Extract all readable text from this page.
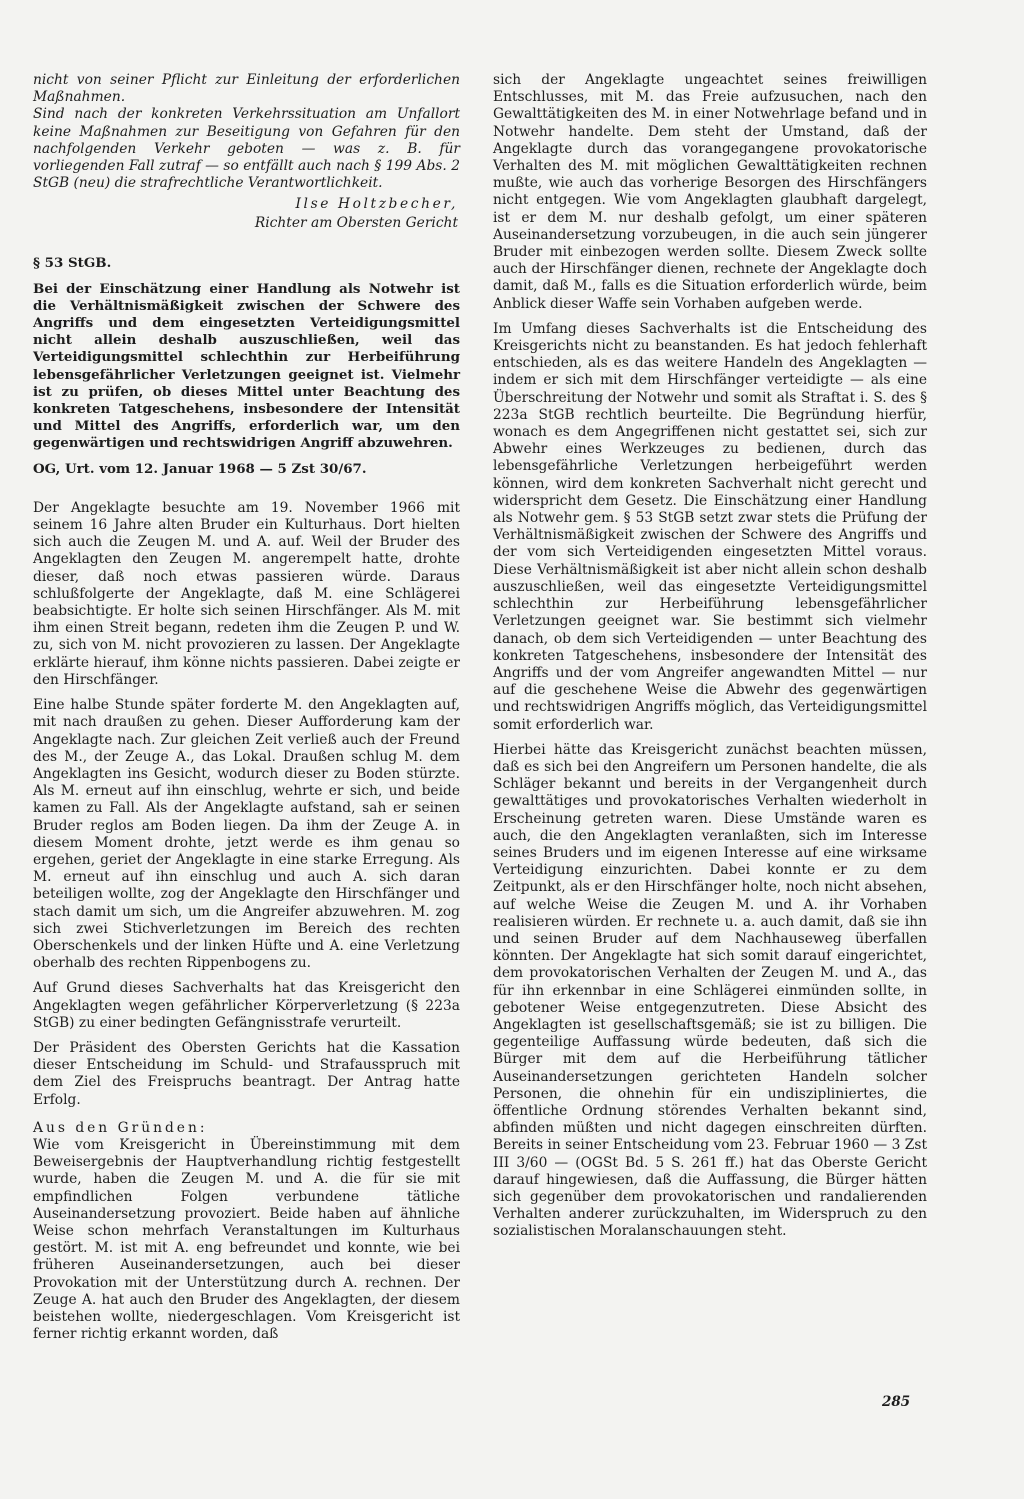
nicht von seiner Pflicht zur Einleitung der erforderlichen Maßnahmen.

Sind nach der konkreten Verkehrssituation am Unfallort keine Maßnahmen zur Beseitigung von Gefahren für den nachfolgenden Verkehr geboten — was z. B. für vorliegenden Fall zutraf — so entfällt auch nach § 199 Abs. 2 StGB (neu) die strafrechtliche Verantwortlichkeit.

Ilse Holtzbecher,
Richter am Obersten Gericht

§ 53 StGB.

Bei der Einschätzung einer Handlung als Notwehr ist die Verhältnismäßigkeit zwischen der Schwere des Angriffs und dem eingesetzten Verteidigungsmittel nicht allein deshalb auszuschließen, weil das Verteidigungsmittel schlechthin zur Herbeiführung lebensgefährlicher Verletzungen geeignet ist. Vielmehr ist zu prüfen, ob dieses Mittel unter Beachtung des konkreten Tatgeschehens, insbesondere der Intensität und Mittel des Angriffs, erforderlich war, um den gegenwärtigen und rechtswidrigen Angriff abzuwehren.

OG, Urt. vom 12. Januar 1968 — 5 Zst 30/67.

Der Angeklagte besuchte am 19. November 1966 mit seinem 16 Jahre alten Bruder ein Kulturhaus. Dort hielten sich auch die Zeugen M. und A. auf. Weil der Bruder des Angeklagten den Zeugen M. angerempelt hatte, drohte dieser, daß noch etwas passieren würde. Daraus schlußfolgerte der Angeklagte, daß M. eine Schlägerei beabsichtigte. Er holte sich seinen Hirschfänger. Als M. mit ihm einen Streit begann, redeten ihm die Zeugen P. und W. zu, sich von M. nicht provozieren zu lassen. Der Angeklagte erklärte hierauf, ihm könne nichts passieren. Dabei zeigte er den Hirschfänger.

Eine halbe Stunde später forderte M. den Angeklagten auf, mit nach draußen zu gehen. Dieser Aufforderung kam der Angeklagte nach. Zur gleichen Zeit verließ auch der Freund des M., der Zeuge A., das Lokal. Draußen schlug M. dem Angeklagten ins Gesicht, wodurch dieser zu Boden stürzte. Als M. erneut auf ihn einschlug, wehrte er sich, und beide kamen zu Fall. Als der Angeklagte aufstand, sah er seinen Bruder reglos am Boden liegen. Da ihm der Zeuge A. in diesem Moment drohte, jetzt werde es ihm genau so ergehen, geriet der Angeklagte in eine starke Erregung. Als M. erneut auf ihn einschlug und auch A. sich daran beteiligen wollte, zog der Angeklagte den Hirschfänger und stach damit um sich, um die Angreifer abzuwehren. M. zog sich zwei Stichverletzungen im Bereich des rechten Oberschenkels und der linken Hüfte und A. eine Verletzung oberhalb des rechten Rippenbogens zu.

Auf Grund dieses Sachverhalts hat das Kreisgericht den Angeklagten wegen gefährlicher Körperverletzung (§ 223a StGB) zu einer bedingten Gefängnisstrafe verurteilt.

Der Präsident des Obersten Gerichts hat die Kassation dieser Entscheidung im Schuld- und Strafausspruch mit dem Ziel des Freispruchs beantragt. Der Antrag hatte Erfolg.

Aus den Gründen:

Wie vom Kreisgericht in Übereinstimmung mit dem Beweisergebnis der Hauptverhandlung richtig festgestellt wurde, haben die Zeugen M. und A. die für sie mit empfindlichen Folgen verbundene tätliche Auseinandersetzung provoziert. Beide haben auf ähnliche Weise schon mehrfach Veranstaltungen im Kulturhaus gestört. M. ist mit A. eng befreundet und konnte, wie bei früheren Auseinandersetzungen, auch bei dieser Provokation mit der Unterstützung durch A. rechnen. Der Zeuge A. hat auch den Bruder des Angeklagten, der diesem beistehen wollte, niedergeschlagen. Vom Kreisgericht ist ferner richtig erkannt worden, daß

sich der Angeklagte ungeachtet seines freiwilligen Entschlusses, mit M. das Freie aufzusuchen, nach den Gewalttätigkeiten des M. in einer Notwehrlage befand und in Notwehr handelte. Dem steht der Umstand, daß der Angeklagte durch das vorangegangene provokatorische Verhalten des M. mit möglichen Gewalttätigkeiten rechnen mußte, wie auch das vorherige Besorgen des Hirschfängers nicht entgegen. Wie vom Angeklagten glaubhaft dargelegt, ist er dem M. nur deshalb gefolgt, um einer späteren Auseinandersetzung vorzubeugen, in die auch sein jüngerer Bruder mit einbezogen werden sollte. Diesem Zweck sollte auch der Hirschfänger dienen, rechnete der Angeklagte doch damit, daß M., falls es die Situation erforderlich würde, beim Anblick dieser Waffe sein Vorhaben aufgeben werde.

Im Umfang dieses Sachverhalts ist die Entscheidung des Kreisgerichts nicht zu beanstanden. Es hat jedoch fehlerhaft entschieden, als es das weitere Handeln des Angeklagten — indem er sich mit dem Hirschfänger verteidigte — als eine Überschreitung der Notwehr und somit als Straftat i. S. des § 223a StGB rechtlich beurteilte. Die Begründung hierfür, wonach es dem Angegriffenen nicht gestattet sei, sich zur Abwehr eines Werkzeuges zu bedienen, durch das lebensgefährliche Verletzungen herbeigeführt werden können, wird dem konkreten Sachverhalt nicht gerecht und widerspricht dem Gesetz. Die Einschätzung einer Handlung als Notwehr gem. § 53 StGB setzt zwar stets die Prüfung der Verhältnismäßigkeit zwischen der Schwere des Angriffs und der vom sich Verteidigenden eingesetzten Mittel voraus. Diese Verhältnismäßigkeit ist aber nicht allein schon deshalb auszuschließen, weil das eingesetzte Verteidigungsmittel schlechthin zur Herbeiführung lebensgefährlicher Verletzungen geeignet war. Sie bestimmt sich vielmehr danach, ob dem sich Verteidigenden — unter Beachtung des konkreten Tatgeschehens, insbesondere der Intensität des Angriffs und der vom Angreifer angewandten Mittel — nur auf die geschehene Weise die Abwehr des gegenwärtigen und rechtswidrigen Angriffs möglich, das Verteidigungsmittel somit erforderlich war.

Hierbei hätte das Kreisgericht zunächst beachten müssen, daß es sich bei den Angreifern um Personen handelte, die als Schläger bekannt und bereits in der Vergangenheit durch gewalttätiges und provokatorisches Verhalten wiederholt in Erscheinung getreten waren. Diese Umstände waren es auch, die den Angeklagten veranlaßten, sich im Interesse seines Bruders und im eigenen Interesse auf eine wirksame Verteidigung einzurichten. Dabei konnte er zu dem Zeitpunkt, als er den Hirschfänger holte, noch nicht absehen, auf welche Weise die Zeugen M. und A. ihr Vorhaben realisieren würden. Er rechnete u. a. auch damit, daß sie ihn und seinen Bruder auf dem Nachhauseweg überfallen könnten. Der Angeklagte hat sich somit darauf eingerichtet, dem provokatorischen Verhalten der Zeugen M. und A., das für ihn erkennbar in eine Schlägerei einmünden sollte, in gebotener Weise entgegenzutreten. Diese Absicht des Angeklagten ist gesellschaftsgemäß; sie ist zu billigen. Die gegenteilige Auffassung würde bedeuten, daß sich die Bürger mit dem auf die Herbeiführung tätlicher Auseinandersetzungen gerichteten Handeln solcher Personen, die ohnehin für ein undiszipliniertes, die öffentliche Ordnung störendes Verhalten bekannt sind, abfinden müßten und nicht dagegen einschreiten dürften. Bereits in seiner Entscheidung vom 23. Februar 1960 — 3 Zst III 3/60 — (OGSt Bd. 5 S. 261 ff.) hat das Oberste Gericht darauf hingewiesen, daß die Auffassung, die Bürger hätten sich gegenüber dem provokatorischen und randalierenden Verhalten anderer zurückzuhalten, im Widerspruch zu den sozialistischen Moralanschauungen steht.

285
